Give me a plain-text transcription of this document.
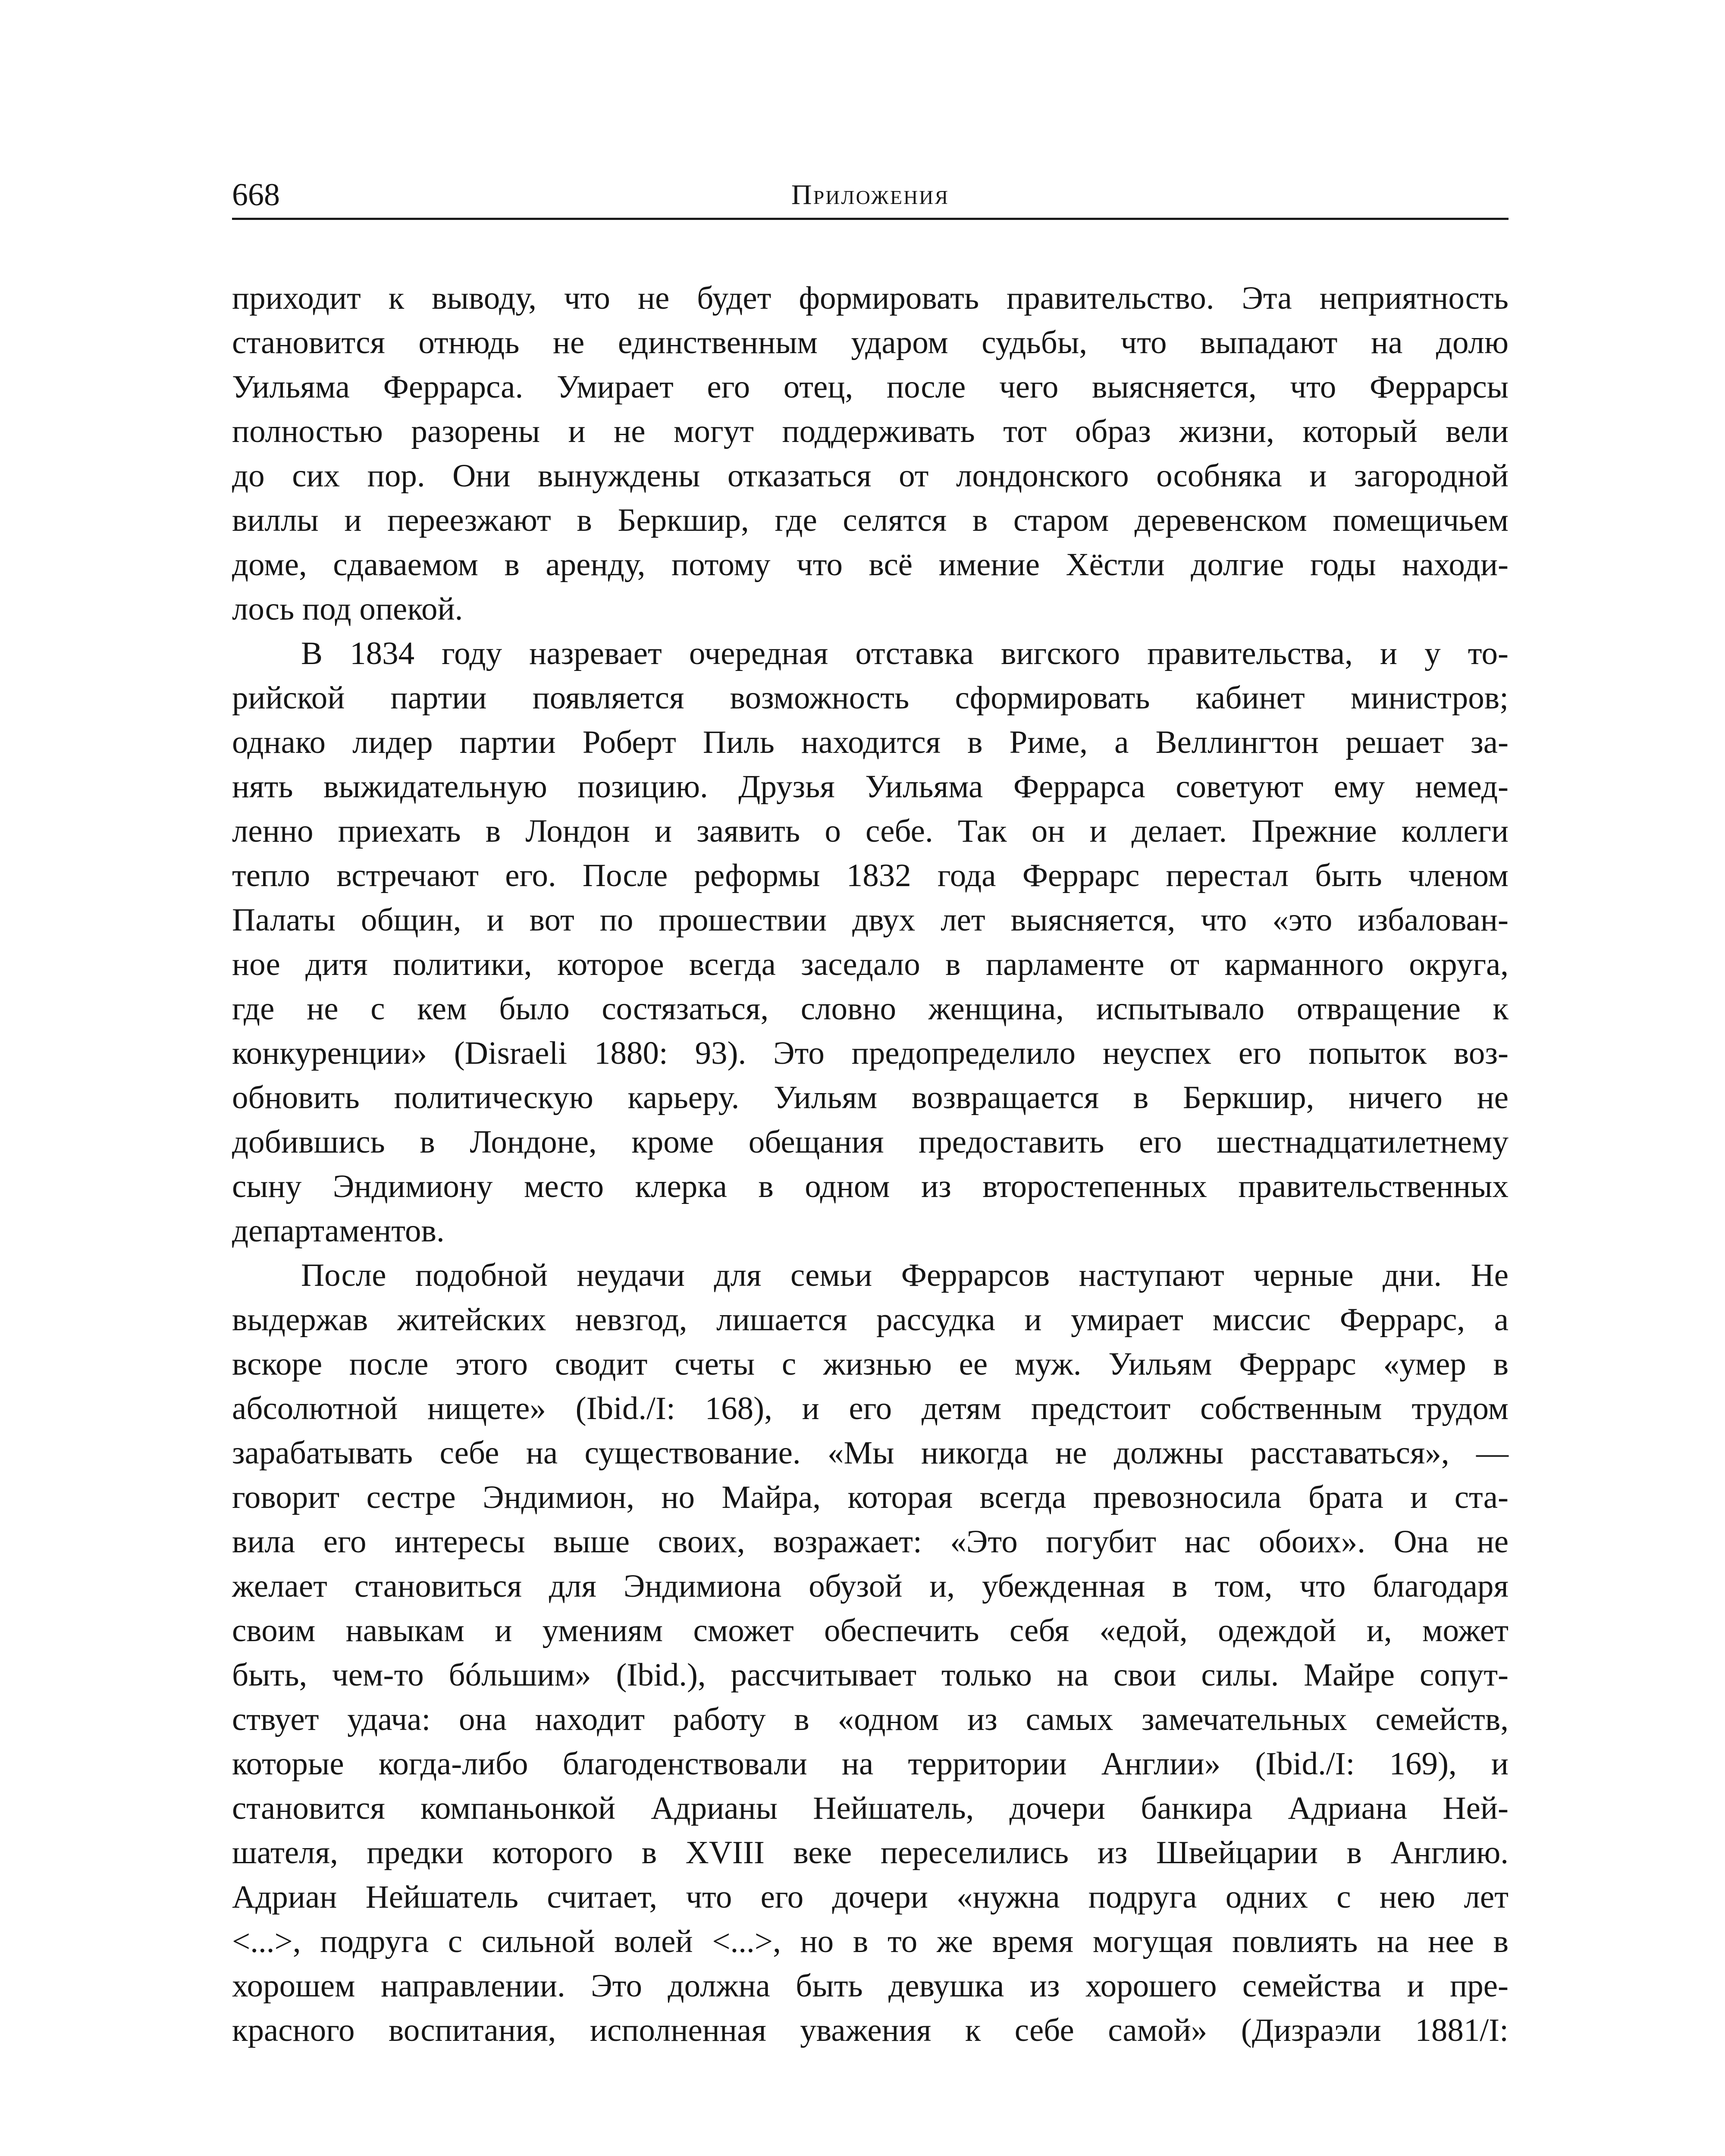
668	Приложения
приходит к выводу, что не будет формировать правительство. Эта неприятность
становится отнюдь не единственным ударом судьбы, что выпадают на долю
Уильяма Феррарса. Умирает его отец, после чего выясняется, что Феррарсы
полностью разорены и не могут поддерживать тот образ жизни, который вели
до сих пор. Они вынуждены отказаться от лондонского особняка и загородной
виллы и переезжают в Беркшир, где селятся в старом деревенском помещичьем
доме, сдаваемом в аренду, потому что всё имение Хёстли долгие годы находи-
лось под опекой.
В 1834 году назревает очередная отставка вигского правительства, и у то-
рийской партии появляется возможность сформировать кабинет министров;
однако лидер партии Роберт Пиль находится в Риме, а Веллингтон решает за-
нять выжидательную позицию. Друзья Уильяма Феррарса советуют ему немед-
ленно приехать в Лондон и заявить о себе. Так он и делает. Прежние коллеги
тепло встречают его. После реформы 1832 года Феррарс перестал быть членом
Палаты общин, и вот по прошествии двух лет выясняется, что «это избалован-
ное дитя политики, которое всегда заседало в парламенте от карманного округа,
где не с кем было состязаться, словно женщина, испытывало отвращение к
конкуренции» (Disraeli 1880: 93). Это предопределило неуспех его попыток воз-
обновить политическую карьеру. Уильям возвращается в Беркшир, ничего не
добившись в Лондоне, кроме обещания предоставить его шестнадцатилетнему
сыну Эндимиону место клерка в одном из второстепенных правительственных
департаментов.
После подобной неудачи для семьи Феррарсов наступают черные дни. Не
выдержав житейских невзгод, лишается рассудка и умирает миссис Феррарс, а
вскоре после этого сводит счеты с жизнью ее муж. Уильям Феррарс «умер в
абсолютной нищете» (Ibid./I: 168), и его детям предстоит собственным трудом
зарабатывать себе на существование. «Мы никогда не должны расставаться», —
говорит сестре Эндимион, но Майра, которая всегда превозносила брата и ста-
вила его интересы выше своих, возражает: «Это погубит нас обоих». Она не
желает становиться для Эндимиона обузой и, убежденная в том, что благодаря
своим навыкам и умениям сможет обеспечить себя «едой, одеждой и, может
быть, чем-то бóльшим» (Ibid.), рассчитывает только на свои силы. Майре сопут-
ствует удача: она находит работу в «одном из самых замечательных семейств,
которые когда-либо благоденствовали на территории Англии» (Ibid./I: 169), и
становится компаньонкой Адрианы Нейшатель, дочери банкира Адриана Ней-
шателя, предки которого в XVIII веке переселились из Швейцарии в Англию.
Адриан Нейшатель считает, что его дочери «нужна подруга одних с нею лет
<...>, подруга с сильной волей <...>, но в то же время могущая повлиять на нее в
хорошем направлении. Это должна быть девушка из хорошего семейства и пре-
красного воспитания, исполненная уважения к себе самой» (Дизраэли 1881/I:
